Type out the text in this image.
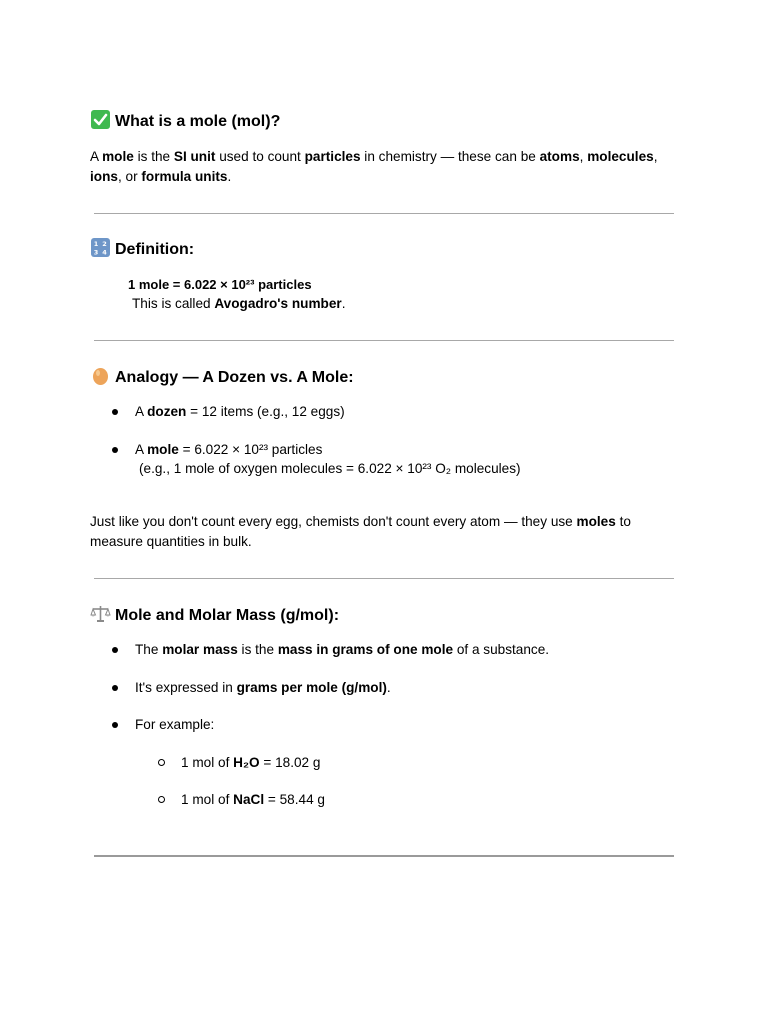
What is a mole (mol)?
A mole is the SI unit used to count particles in chemistry — these can be atoms, molecules,
ions, or formula units.
1 2
3 4 Definition:
1 mole = 6.022 × 10²³ particles
This is called Avogadro's number.
Analogy — A Dozen vs. A Mole:
A dozen = 12 items (e.g., 12 eggs)
A mole = 6.022 × 10²³ particles
(e.g., 1 mole of oxygen molecules = 6.022 × 10²³ O₂ molecules)
Just like you don't count every egg, chemists don't count every atom — they use moles to
measure quantities in bulk.
Mole and Molar Mass (g/mol):
The molar mass is the mass in grams of one mole of a substance.
It's expressed in grams per mole (g/mol).
For example:
1 mol of H₂O = 18.02 g
1 mol of NaCl = 58.44 g
